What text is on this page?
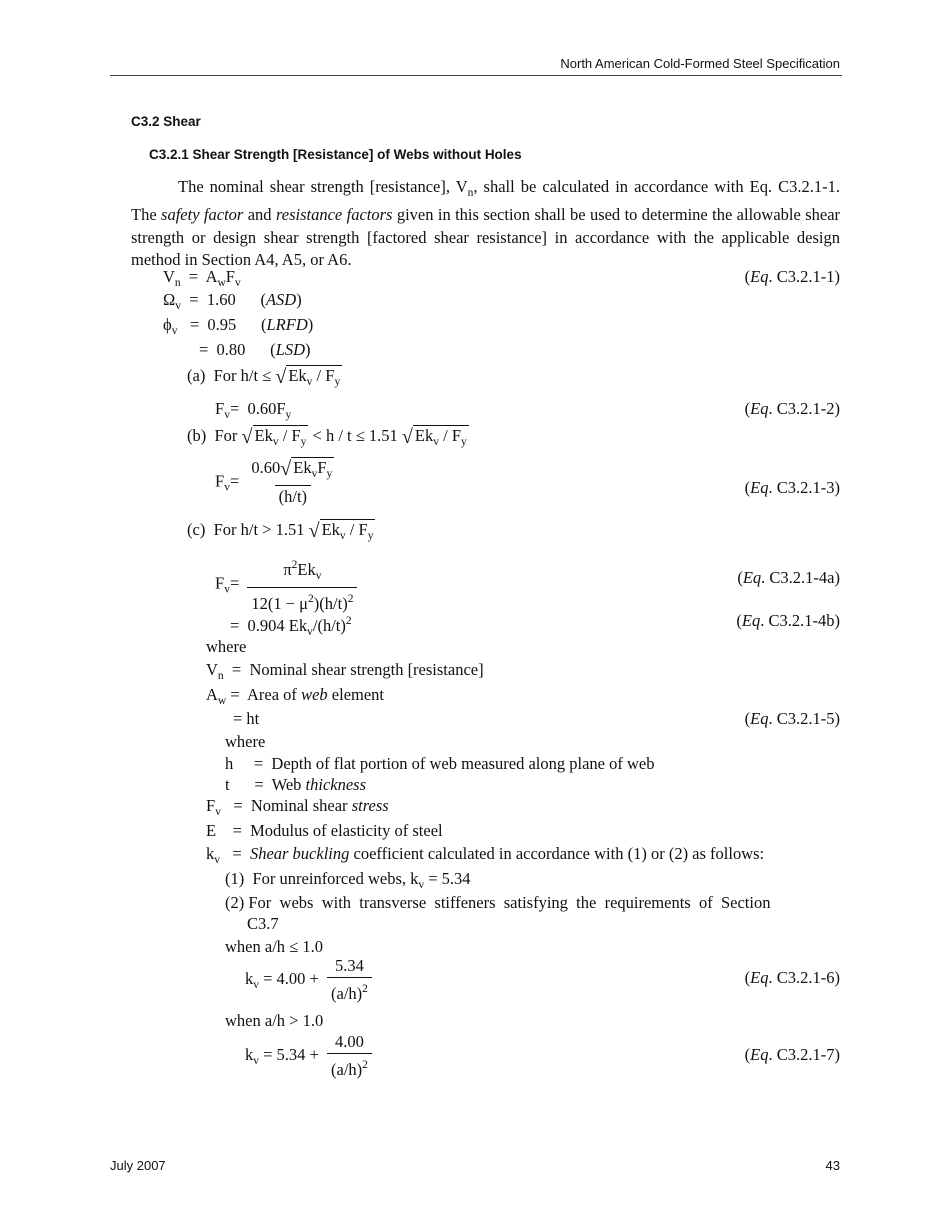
North American Cold-Formed Steel Specification
C3.2 Shear
C3.2.1 Shear Strength [Resistance] of Webs without Holes
The nominal shear strength [resistance], $V_n$, shall be calculated in accordance with Eq. C3.2.1-1.  The safety factor and resistance factors given in this section shall be used to determine the allowable shear strength or design shear strength [factored shear resistance] in accordance with the applicable design method in Section A4, A5, or A6.
$V_n = A_wF_v$
$\Omega_v = 1.60$      (ASD)
$\phi_v = 0.95$      (LRFD)
=  0.80      (LSD)
(a)  For h/t ≤ √ $Ek_v / F_y$
$F_v= 0.60F_y$
(b)  For √ $Ek_v / F_y < h / t \le 1.51$ √ $Ek_v / F_y$
$F_v= \frac{0.60√ Ek_vF_y}{(h/t)}$
(c)  For h/t > 1.51 √ $Ek_v / F_y$
$F_v= \frac{\pi^2Ek_v}{12(1 - \mu^2)(h/t)^2}$
=  0.904 $Ek_v/(h/t)^2$
where
$V_n$  =  Nominal shear strength [resistance]
$A_w$ =  Area of web element
= ht
where
h     =  Depth of flat portion of web measured along plane of web
t      =  Web thickness
$F_v$   =  Nominal shear stress
E    =  Modulus of elasticity of steel
$k_v$   =  Shear buckling coefficient calculated in accordance with (1) or (2) as follows:
(1)  For unreinforced webs, $k_v = 5.34$
(2) For  webs  with  transverse  stiffeners  satisfying  the  requirements  of  Section
C3.7
when a/h ≤ 1.0
$k_v = 4.00 + \frac{5.34}{(a/h)^2}$
when a/h > 1.0
$k_v = 5.34 + \frac{4.00}{(a/h)^2}$
(Eq. C3.2.1-1)
(Eq. C3.2.1-2)
(Eq. C3.2.1-3)
(Eq. C3.2.1-4a)
(Eq. C3.2.1-4b)
(Eq. C3.2.1-5)
(Eq. C3.2.1-6)
(Eq. C3.2.1-7)
July 2007	43
